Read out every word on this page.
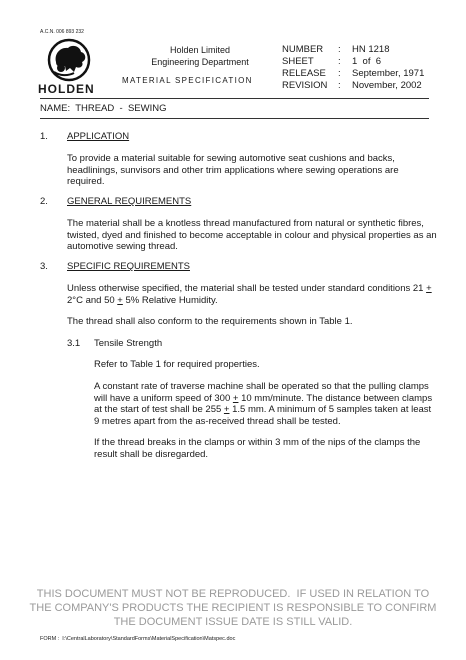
A.C.N. 006 893 232
HOLDEN
Holden Limited
Engineering Department
MATERIAL SPECIFICATION
NUMBER	:	HN 1218
SHEET	:	1  of  6
RELEASE	:	September, 1971
REVISION	:	November, 2002
NAME:  THREAD  -  SEWING
1. APPLICATION
To provide a material suitable for sewing automotive seat cushions and backs,
headlinings, sunvisors and other trim applications where sewing operations are
required.
2. GENERAL REQUIREMENTS
The material shall be a knotless thread manufactured from natural or synthetic fibres,
twisted, dyed and finished to become acceptable in colour and physical properties as an
automotive sewing thread.
3. SPECIFIC REQUIREMENTS
Unless otherwise specified, the material shall be tested under standard conditions 21 +
2°C and 50 + 5% Relative Humidity.
The thread shall also conform to the requirements shown in Table 1.
3.1 Tensile Strength
Refer to Table 1 for required properties.
A constant rate of traverse machine shall be operated so that the pulling clamps
will have a uniform speed of 300 + 10 mm/minute. The distance between clamps
at the start of test shall be 255 + 1.5 mm. A minimum of 5 samples taken at least
9 metres apart from the as-received thread shall be tested.
If the thread breaks in the clamps or within 3 mm of the nips of the clamps the
result shall be disregarded.
THIS DOCUMENT MUST NOT BE REPRODUCED.  IF USED IN RELATION TO
THE COMPANY'S PRODUCTS THE RECIPIENT IS RESPONSIBLE TO CONFIRM
THE DOCUMENT ISSUE DATE IS STILL VALID.
FORM :  I:\CentralLaboratory\StandardForms\MaterialSpecification\Matspec.doc
